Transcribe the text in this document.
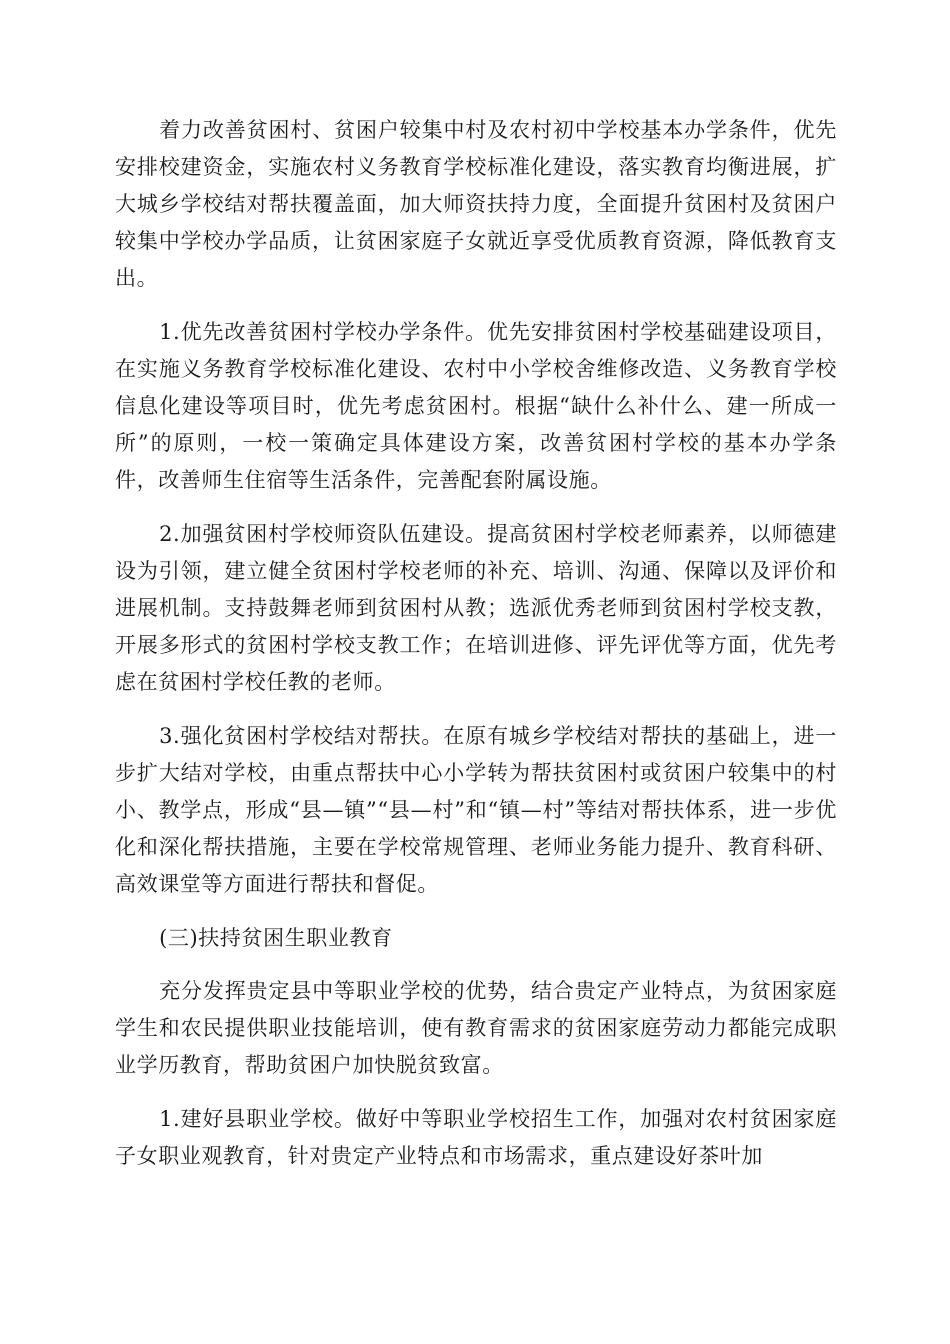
着力改善贫困村、贫困户较集中村及农村初中学校基本办学条件，优先安排校建资金，实施农村义务教育学校标准化建设，落实教育均衡进展，扩大城乡学校结对帮扶覆盖面，加大师资扶持力度，全面提升贫困村及贫困户较集中学校办学品质，让贫困家庭子女就近享受优质教育资源，降低教育支出。

1.优先改善贫困村学校办学条件。优先安排贫困村学校基础建设项目，在实施义务教育学校标准化建设、农村中小学校舍维修改造、义务教育学校信息化建设等项目时，优先考虑贫困村。根据“缺什么补什么、建一所成一所”的原则，一校一策确定具体建设方案，改善贫困村学校的基本办学条件，改善师生住宿等生活条件，完善配套附属设施。

2.加强贫困村学校师资队伍建设。提高贫困村学校老师素养，以师德建设为引领，建立健全贫困村学校老师的补充、培训、沟通、保障以及评价和进展机制。支持鼓舞老师到贫困村从教；选派优秀老师到贫困村学校支教，开展多形式的贫困村学校支教工作；在培训进修、评先评优等方面，优先考虑在贫困村学校任教的老师。

3.强化贫困村学校结对帮扶。在原有城乡学校结对帮扶的基础上，进一步扩大结对学校，由重点帮扶中心小学转为帮扶贫困村或贫困户较集中的村小、教学点，形成“县—镇”“县—村”和“镇—村”等结对帮扶体系，进一步优化和深化帮扶措施，主要在学校常规管理、老师业务能力提升、教育科研、高效课堂等方面进行帮扶和督促。

(三)扶持贫困生职业教育

充分发挥贵定县中等职业学校的优势，结合贵定产业特点，为贫困家庭学生和农民提供职业技能培训，使有教育需求的贫困家庭劳动力都能完成职业学历教育，帮助贫困户加快脱贫致富。

1.建好县职业学校。做好中等职业学校招生工作，加强对农村贫困家庭子女职业观教育，针对贵定产业特点和市场需求，重点建设好茶叶加
